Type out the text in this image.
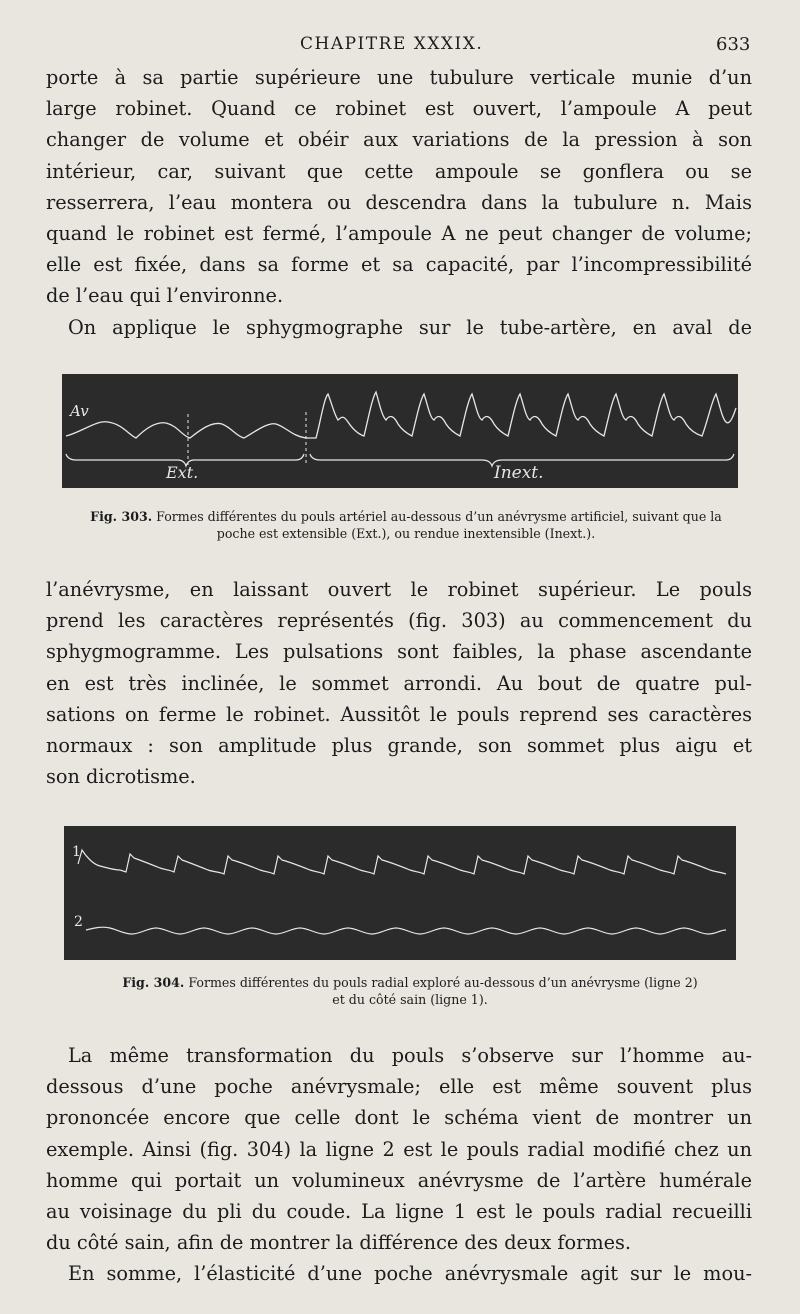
CHAPITRE XXXIX.	633
porte à sa partie supérieure une tubulure verticale munie d’un
large robinet. Quand ce robinet est ouvert, l’ampoule A peut
changer de volume et obéir aux variations de la pression à son
intérieur, car, suivant que cette ampoule se gonflera ou se
resserrera, l’eau montera ou descendra dans la tubulure n. Mais
quand le robinet est fermé, l’ampoule A ne peut changer de volume;
elle est fixée, dans sa forme et sa capacité, par l’incompressibilité
de l’eau qui l’environne.
On applique le sphygmographe sur le tube-artère, en aval de
Av
Ext.	Inext.
Fig. 303. Formes différentes du pouls artériel au-dessous d’un anévrysme artificiel, suivant que la
poche est extensible (Ext.), ou rendue inextensible (Inext.).
l’anévrysme, en laissant ouvert le robinet supérieur. Le pouls
prend les caractères représentés (fig. 303) au commencement du
sphygmogramme. Les pulsations sont faibles, la phase ascendante
en est très inclinée, le sommet arrondi. Au bout de quatre pul-
sations on ferme le robinet. Aussitôt le pouls reprend ses caractères
normaux : son amplitude plus grande, son sommet plus aigu et
son dicrotisme.
1
2
Fig. 304. Formes différentes du pouls radial exploré au-dessous d’un anévrysme (ligne 2)
et du côté sain (ligne 1).
La même transformation du pouls s’observe sur l’homme au-
dessous d’une poche anévrysmale; elle est même souvent plus
prononcée encore que celle dont le schéma vient de montrer un
exemple. Ainsi (fig. 304) la ligne 2 est le pouls radial modifié chez un
homme qui portait un volumineux anévrysme de l’artère humérale
au voisinage du pli du coude. La ligne 1 est le pouls radial recueilli
du côté sain, afin de montrer la différence des deux formes.
En somme, l’élasticité d’une poche anévrysmale agit sur le mou-
